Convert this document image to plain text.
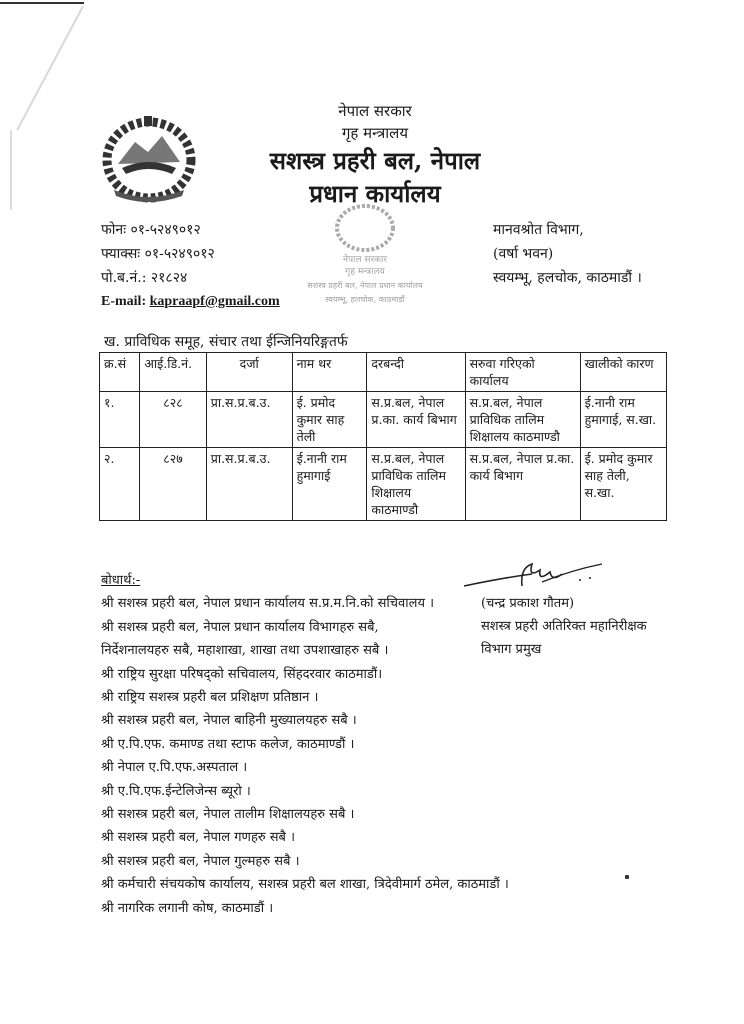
नेपाल सरकार
गृह मन्त्रालय
सशस्त्र प्रहरी बल, नेपाल
प्रधान कार्यालय
नेपाल सरकार
गृह मन्त्रालय
सशस्त्र प्रहरी बल, नेपाल प्रधान कार्यालय
स्वयम्भू, हलचोक, काठमाडौं
फोनः ०१-५२४९०१२
फ्याक्सः ०१-५२४९०१२
पो.ब.नं.: २१८२४
E-mail: kapraapf@gmail.com
मानवश्रोत विभाग,
(वर्षा भवन)
स्वयम्भू, हलचोक, काठमाडौं ।
ख. प्राविधिक समूह, संचार तथा ईन्जिनियरिङ्गतर्फ
क्र.सं	आई.डि.नं.	दर्जा	नाम थर	दरबन्दी	सरुवा गरिएको कार्यालय	खालीको कारण
१.	८२८	प्रा.स.प्र.ब.उ.	ई. प्रमोद कुमार साह तेली	स.प्र.बल, नेपाल प्र.का. कार्य बिभाग	स.प्र.बल, नेपाल प्राविधिक तालिम शिक्षालय काठमाण्डौ	ई.नानी राम हुमागाई, स.खा.
२.	८२७	प्रा.स.प्र.ब.उ.	ई.नानी राम हुमागाई	स.प्र.बल, नेपाल प्राविधिक तालिम शिक्षालय काठमाण्डौ	स.प्र.बल, नेपाल प्र.का. कार्य बिभाग	ई. प्रमोद कुमार साह तेली, स.खा.
(चन्द्र प्रकाश गौतम)
सशस्त्र प्रहरी अतिरिक्त महानिरीक्षक
विभाग प्रमुख
बोधार्थ:-
श्री सशस्त्र प्रहरी बल, नेपाल प्रधान कार्यालय स.प्र.म.नि.को सचिवालय ।
श्री सशस्त्र प्रहरी बल, नेपाल प्रधान कार्यालय विभागहरु सबै,
निर्देशनालयहरु सबै, महाशाखा, शाखा तथा उपशाखाहरु सबै ।
श्री राष्ट्रिय सुरक्षा परिषद्को सचिवालय, सिंहदरवार काठमाडौं।
श्री राष्ट्रिय सशस्त्र प्रहरी बल प्रशिक्षण प्रतिष्ठान ।
श्री सशस्त्र प्रहरी बल, नेपाल बाहिनी मुख्यालयहरु सबै ।
श्री ए.पि.एफ. कमाण्ड तथा स्टाफ कलेज, काठमाण्डौं ।
श्री नेपाल ए.पि.एफ.अस्पताल ।
श्री ए.पि.एफ.ईन्टेलिजेन्स ब्यूरो ।
श्री सशस्त्र प्रहरी बल, नेपाल तालीम शिक्षालयहरु सबै ।
श्री सशस्त्र प्रहरी बल, नेपाल गणहरु सबै ।
श्री सशस्त्र प्रहरी बल, नेपाल गुल्महरु सबै ।
श्री कर्मचारी संचयकोष कार्यालय, सशस्त्र प्रहरी बल शाखा, त्रिदेवीमार्ग ठमेल, काठमाडौं ।
श्री नागरिक लगानी कोष, काठमाडौं ।
